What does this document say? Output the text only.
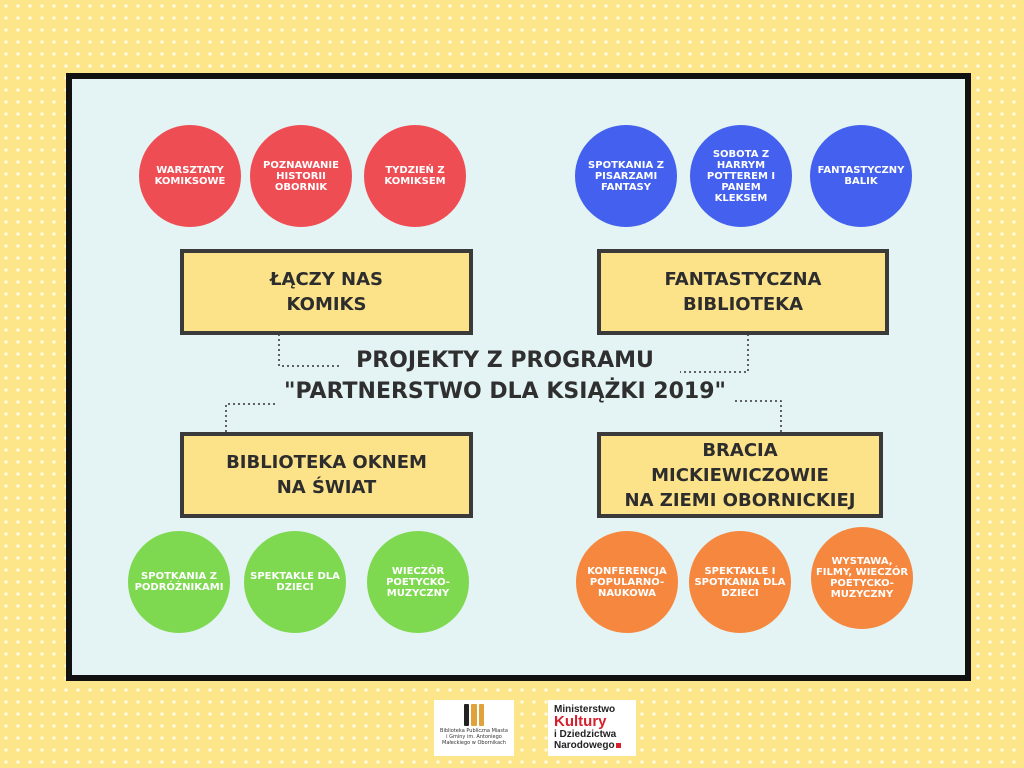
WARSZTATY KOMIKSOWE
POZNAWANIE HISTORII OBORNIK
TYDZIEŃ Z KOMIKSEM
ŁĄCZY NAS
KOMIKS
SPOTKANIA Z PISARZAMI FANTASY
SOBOTA Z HARRYM POTTEREM I PANEM KLEKSEM
FANTASTYCZNY BALIK
FANTASTYCZNA
BIBLIOTEKA
PROJEKTY Z PROGRAMU
"PARTNERSTWO DLA KSIĄŻKI 2019"
BIBLIOTEKA OKNEM
NA ŚWIAT
SPOTKANIA Z PODRÓŻNIKAMI
SPEKTAKLE DLA DZIECI
WIECZÓR POETYCKO-MUZYCZNY
BRACIA MICKIEWICZOWIE
NA ZIEMI OBORNICKIEJ
KONFERENCJA POPULARNO-NAUKOWA
SPEKTAKLE I SPOTKANIA DLA DZIECI
WYSTAWA, FILMY, WIECZÓR POETYCKO-MUZYCZNY
Biblioteka Publiczna Miasta i Gminy im. Antoniego Małeckiego w Obornikach
Ministerstwo
Kultury
i Dziedzictwa
Narodowego
